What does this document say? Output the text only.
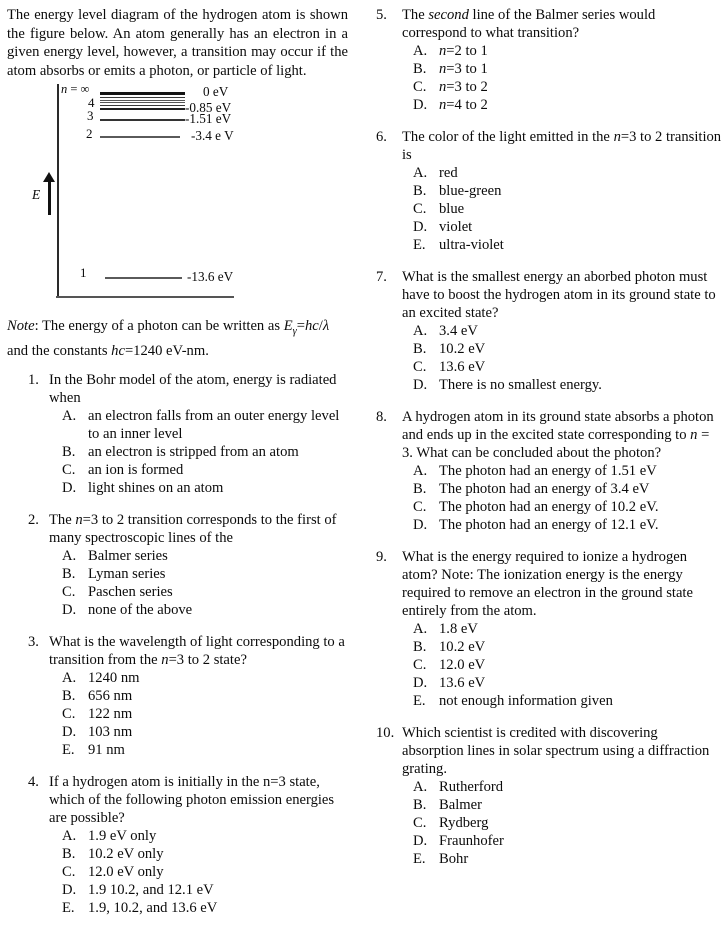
The energy level diagram of the hydrogen atom is shown the figure below. An atom generally has an electron in a given energy level, however, a transition may occur if the atom absorbs or emits a photon, or particle of light.

E
n = ∞
4
3
2
1
0 eV
-0.85 eV
-1.51 eV
-3.4 e V
-13.6 eV

Note: The energy of a photon can be written as $E_\gamma=hc/\lambda$ and the constants hc=1240 eV-nm.

1. In the Bohr model of the atom, energy is radiated when
A. an electron falls from an outer energy level to an inner level
B. an electron is stripped from an atom
C. an ion is formed
D. light shines on an atom
2. The n=3 to 2 transition corresponds to the first of many spectroscopic lines of the
A. Balmer series
B. Lyman series
C. Paschen series
D. none of the above
3. What is the wavelength of light corresponding to a transition from the n=3 to 2 state?
A. 1240 nm
B. 656 nm
C. 122 nm
D. 103 nm
E. 91 nm
4. If a hydrogen atom is initially in the n=3 state, which of the following photon emission energies are possible?
A. 1.9 eV only
B. 10.2 eV only
C. 12.0 eV only
D. 1.9 10.2, and 12.1 eV
E. 1.9, 10.2, and 13.6 eV
5.	The second line of the Balmer series would correspond to what transition?
A. n=2 to 1
B. n=3 to 1
C. n=3 to 2
D. n=4 to 2
6.	The color of the light emitted in the n=3 to 2 transition is
A. red
B. blue-green
C. blue
D. violet
E. ultra-violet
7.	What is the smallest energy an aborbed photon must have to boost the hydrogen atom in its ground state to an excited state?
A. 3.4 eV
B. 10.2 eV
C. 13.6 eV
D. There is no smallest energy.
8.	A hydrogen atom in its ground state absorbs a photon and ends up in the excited state corresponding to n = 3. What can be concluded about the photon?
A. The photon had an energy of 1.51 eV
B. The photon had an energy of 3.4 eV
C. The photon had an energy of 10.2 eV.
D. The photon had an energy of 12.1 eV.
9.	What is the energy required to ionize a hydrogen atom? Note: The ionization energy is the energy required to remove an electron in the ground state entirely from the atom.
A. 1.8 eV
B. 10.2 eV
C. 12.0 eV
D. 13.6 eV
E. not enough information given
10. Which scientist is credited with discovering absorption lines in solar spectrum using a diffraction grating.
A. Rutherford
B. Balmer
C. Rydberg
D. Fraunhofer
E. Bohr
